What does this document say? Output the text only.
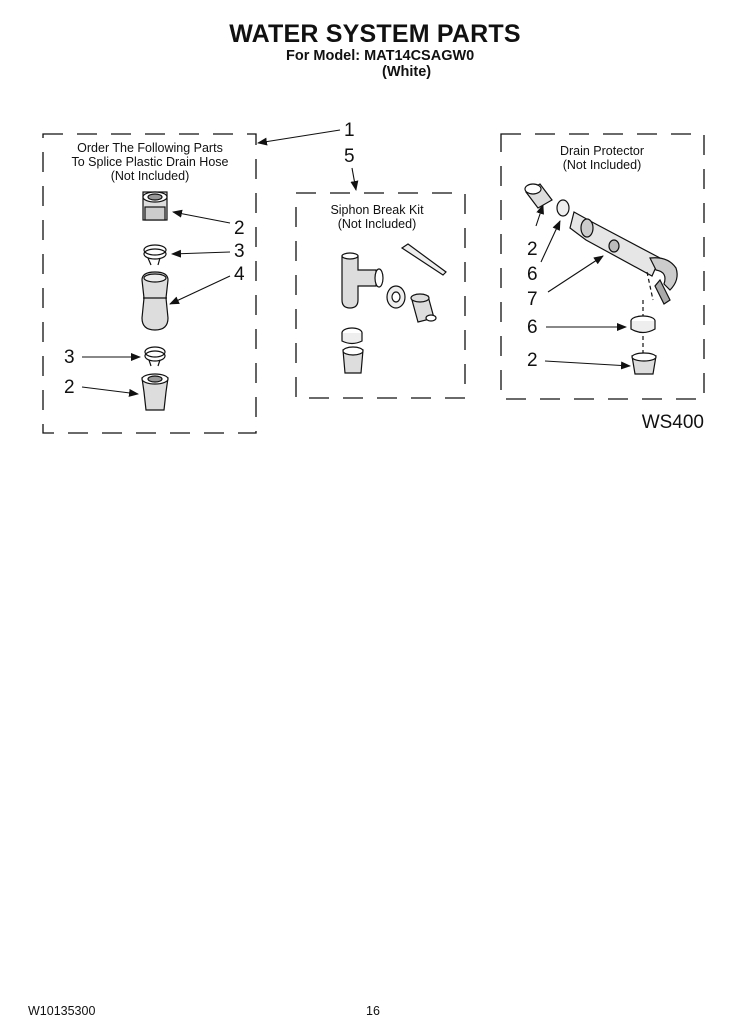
WATER SYSTEM PARTS
For Model: MAT14CSAGW0
(White)
Order The Following Parts
To Splice Plastic Drain Hose
(Not Included)
Siphon Break Kit
(Not Included)
Drain Protector
(Not Included)
1
5
2
3
4
3
2
2
6
7
6
2
WS400
W10135300	16
